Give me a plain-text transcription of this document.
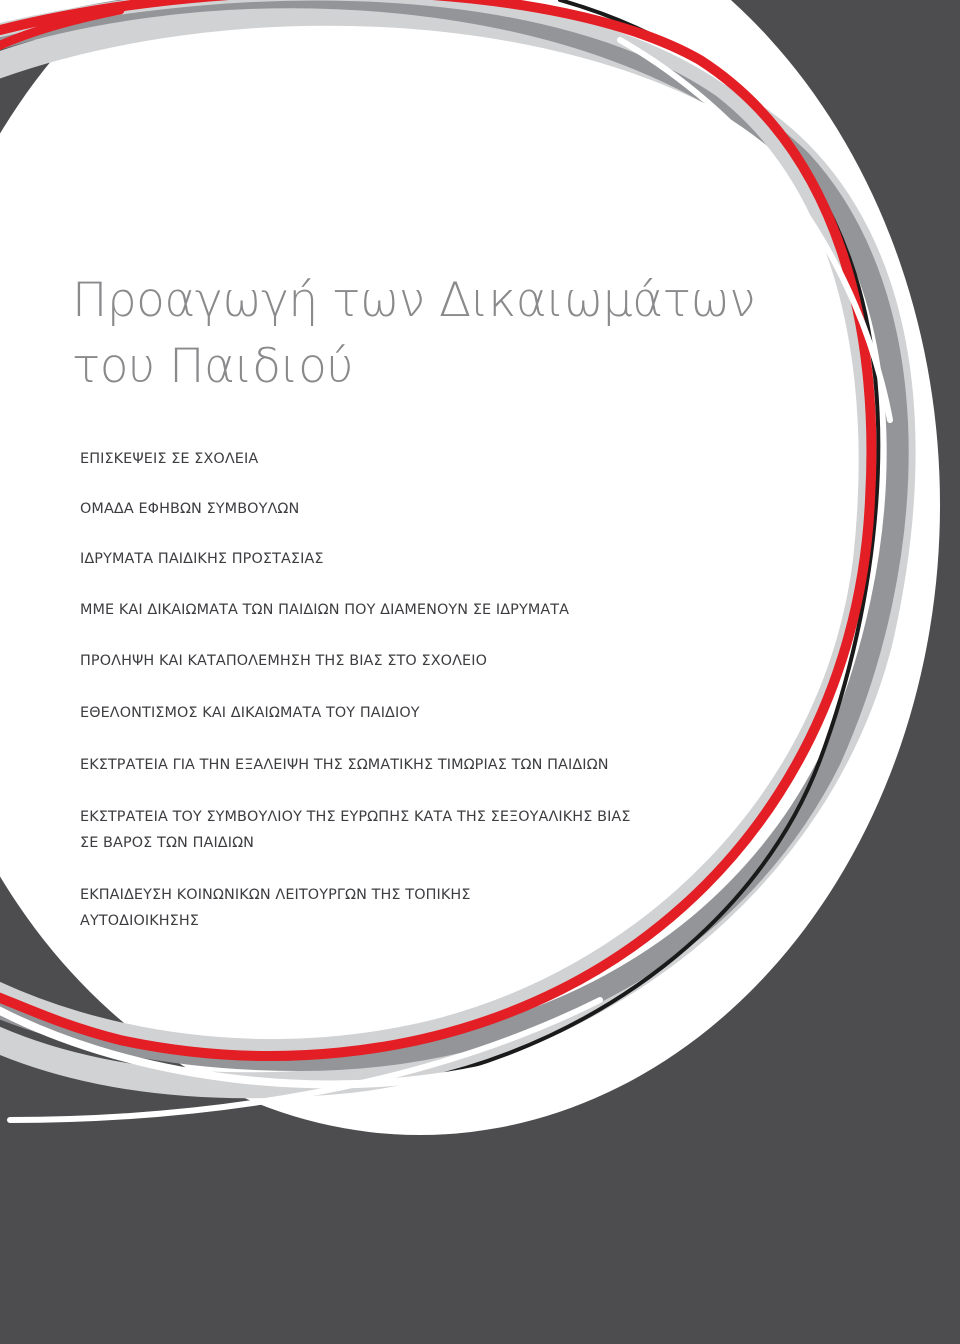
Προαγωγή των Δικαιωμάτων
του Παιδιού
ΕΠΙΣΚΕΨΕΙΣ ΣΕ ΣΧΟΛΕΙΑ
ΟΜΑΔΑ ΕΦΗΒΩΝ ΣΥΜΒΟΥΛΩΝ
ΙΔΡΥΜΑΤΑ ΠΑΙΔΙΚΗΣ ΠΡΟΣΤΑΣΙΑΣ
ΜΜΕ ΚΑΙ ΔΙΚΑΙΩΜΑΤΑ ΤΩΝ ΠΑΙΔΙΩΝ ΠΟΥ ΔΙΑΜΕΝΟΥΝ ΣΕ ΙΔΡΥΜΑΤΑ
ΠΡΟΛΗΨΗ ΚΑΙ ΚΑΤΑΠΟΛΕΜΗΣΗ ΤΗΣ ΒΙΑΣ ΣΤΟ ΣΧΟΛΕΙΟ
ΕΘΕΛΟΝΤΙΣΜΟΣ ΚΑΙ ΔΙΚΑΙΩΜΑΤΑ ΤΟΥ ΠΑΙΔΙΟΥ
ΕΚΣΤΡΑΤΕΙΑ ΓΙΑ ΤΗΝ ΕΞΑΛΕΙΨΗ ΤΗΣ ΣΩΜΑΤΙΚΗΣ ΤΙΜΩΡΙΑΣ ΤΩΝ ΠΑΙΔΙΩΝ
ΕΚΣΤΡΑΤΕΙΑ ΤΟΥ ΣΥΜΒΟΥΛΙΟΥ ΤΗΣ ΕΥΡΩΠΗΣ ΚΑΤΑ ΤΗΣ ΣΕΞΟΥΑΛΙΚΗΣ ΒΙΑΣ
ΣΕ ΒΑΡΟΣ ΤΩΝ ΠΑΙΔΙΩΝ
ΕΚΠΑΙΔΕΥΣΗ ΚΟΙΝΩΝΙΚΩΝ ΛΕΙΤΟΥΡΓΩΝ ΤΗΣ ΤΟΠΙΚΗΣ
ΑΥΤΟΔΙΟΙΚΗΣΗΣ
